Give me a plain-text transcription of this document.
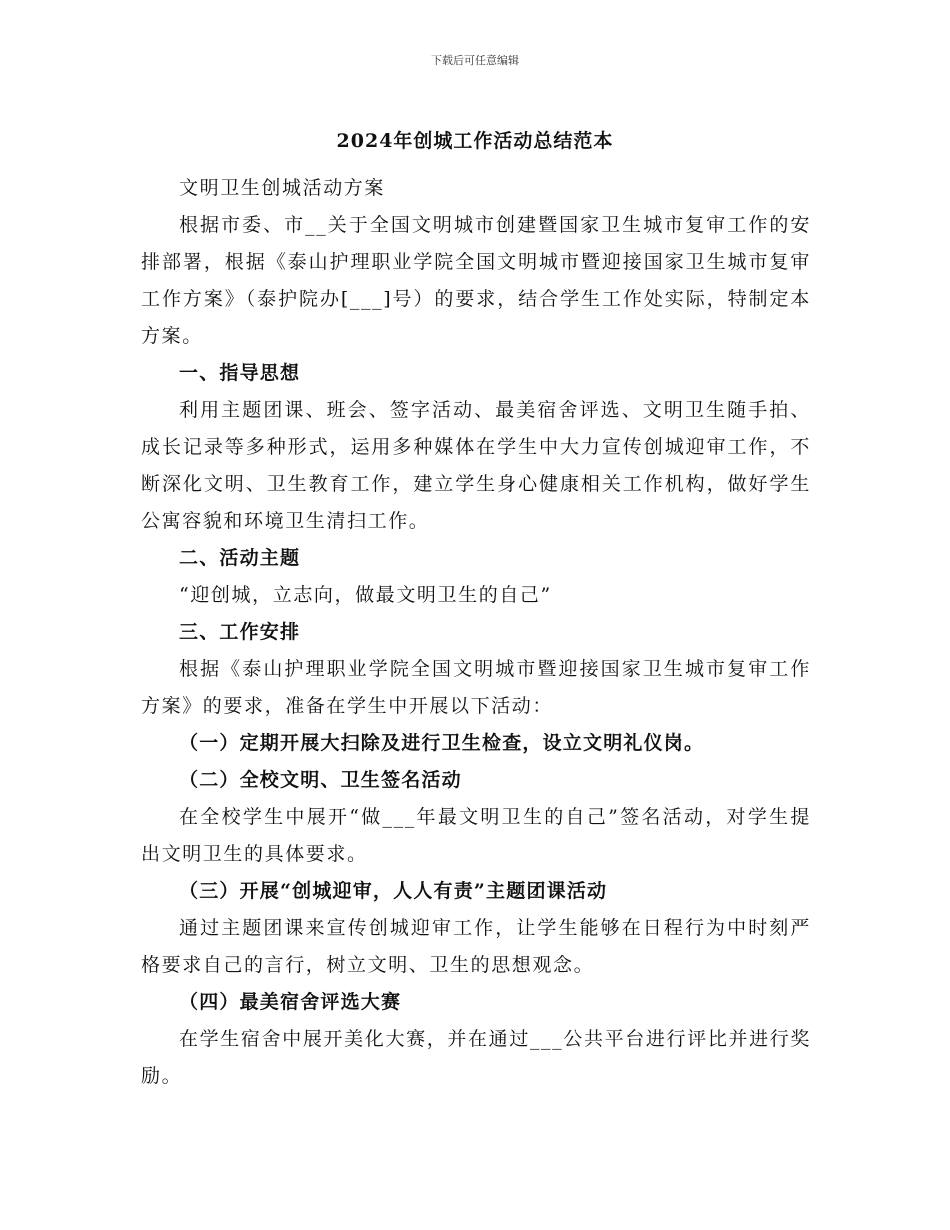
下载后可任意编辑
2024年创城工作活动总结范本

文明卫生创城活动方案

根据市委、市__关于全国文明城市创建暨国家卫生城市复审工作的安排部署，根据《泰山护理职业学院全国文明城市暨迎接国家卫生城市复审工作方案》（泰护院办[___]号）的要求，结合学生工作处实际，特制定本方案。

一、指导思想

利用主题团课、班会、签字活动、最美宿舍评选、文明卫生随手拍、成长记录等多种形式，运用多种媒体在学生中大力宣传创城迎审工作，不断深化文明、卫生教育工作，建立学生身心健康相关工作机构，做好学生公寓容貌和环境卫生清扫工作。

二、活动主题

“迎创城，立志向，做最文明卫生的自己”

三、工作安排

根据《泰山护理职业学院全国文明城市暨迎接国家卫生城市复审工作方案》的要求，准备在学生中开展以下活动：

（一）定期开展大扫除及进行卫生检查，设立文明礼仪岗。

（二）全校文明、卫生签名活动

在全校学生中展开“做___年最文明卫生的自己”签名活动，对学生提出文明卫生的具体要求。

（三）开展“创城迎审，人人有责”主题团课活动

通过主题团课来宣传创城迎审工作，让学生能够在日程行为中时刻严格要求自己的言行，树立文明、卫生的思想观念。

（四）最美宿舍评选大赛

在学生宿舍中展开美化大赛，并在通过___公共平台进行评比并进行奖励。
